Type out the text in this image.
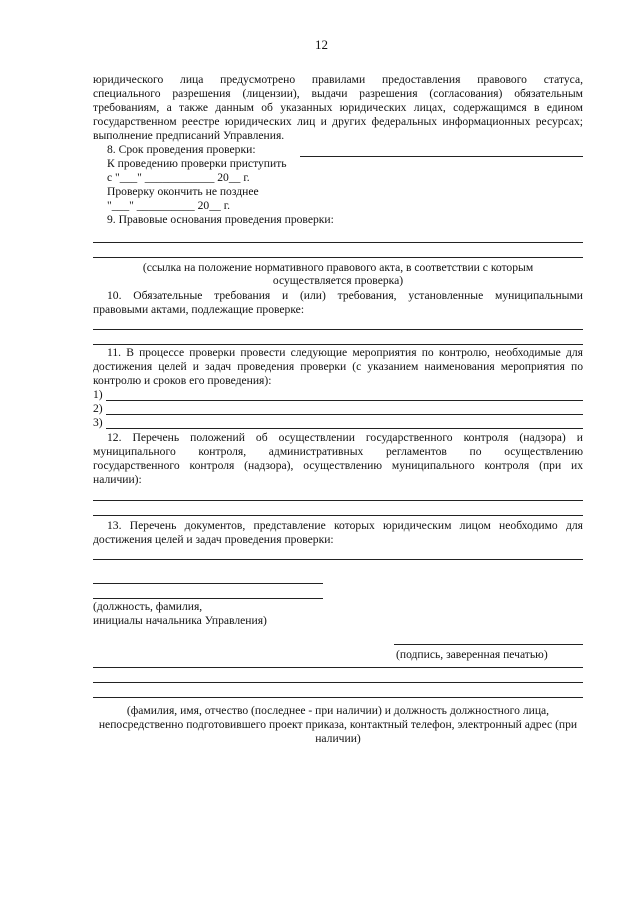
12
юридического лица предусмотрено правилами предоставления правового статуса,
специального разрешения (лицензии), выдачи разрешения (согласования) обязательным
требованиям, а также данным об указанных юридических лицах, содержащимся в едином
государственном реестре юридических лиц и других федеральных информационных ресурсах;
выполнение предписаний Управления.
8. Срок проведения проверки:
К проведению проверки приступить
с "___" ____________ 20__ г.
Проверку окончить не позднее
"___" __________ 20__ г.
9. Правовые основания проведения проверки:
(ссылка на положение нормативного правового акта, в соответствии с которым
осуществляется проверка)
10. Обязательные требования и (или) требования, установленные муниципальными
правовыми актами, подлежащие проверке:
11. В процессе проверки провести следующие мероприятия по контролю, необходимые для
достижения целей и задач проведения проверки (с указанием наименования мероприятия по
контролю и сроков его проведения):
1)
2)
3)
12. Перечень положений об осуществлении государственного контроля (надзора) и
муниципального контроля, административных регламентов по осуществлению
государственного контроля (надзора), осуществлению муниципального контроля (при их
наличии):
13. Перечень документов, представление которых юридическим лицом необходимо для
достижения целей и задач проведения проверки:
(должность, фамилия,
инициалы начальника Управления)
(подпись, заверенная печатью)
(фамилия, имя, отчество (последнее - при наличии) и должность должностного лица,
непосредственно подготовившего проект приказа, контактный телефон, электронный адрес (при
наличии)
